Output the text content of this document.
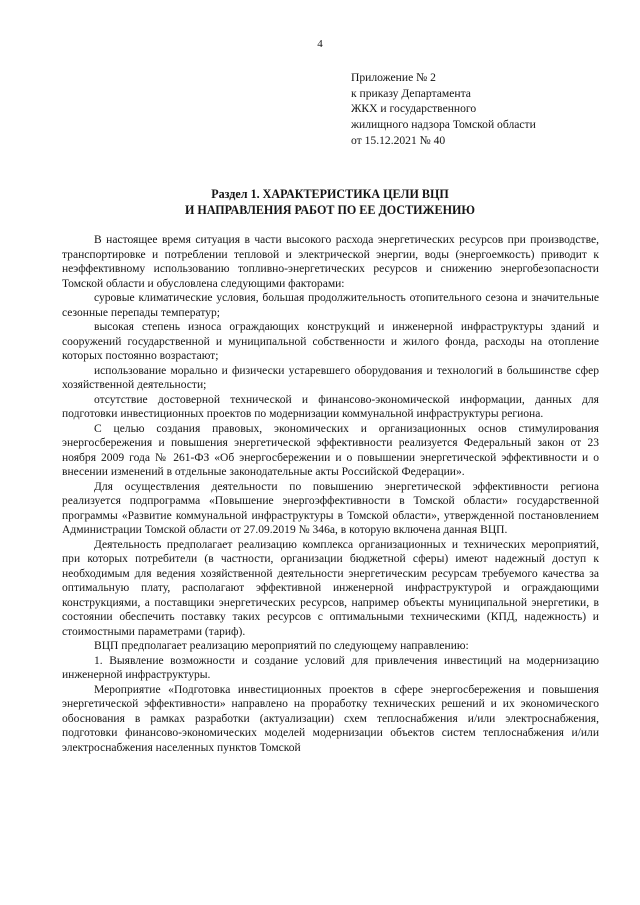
4
Приложение № 2
к приказу Департамента
ЖКХ и государственного
жилищного надзора Томской области
от 15.12.2021 № 40
Раздел 1. ХАРАКТЕРИСТИКА ЦЕЛИ ВЦП
И НАПРАВЛЕНИЯ РАБОТ ПО ЕЕ ДОСТИЖЕНИЮ

В настоящее время ситуация в части высокого расхода энергетических ресурсов при производстве, транспортировке и потреблении тепловой и электрической энергии, воды (энергоемкость) приводит к неэффективному использованию топливно-энергетических ресурсов и снижению энергобезопасности Томской области и обусловлена следующими факторами:

суровые климатические условия, большая продолжительность отопительного сезона и значительные сезонные перепады температур;

высокая степень износа ограждающих конструкций и инженерной инфраструктуры зданий и сооружений государственной и муниципальной собственности и жилого фонда, расходы на отопление которых постоянно возрастают;

использование морально и физически устаревшего оборудования и технологий в большинстве сфер хозяйственной деятельности;

отсутствие достоверной технической и финансово-экономической информации, данных для подготовки инвестиционных проектов по модернизации коммунальной инфраструктуры региона.

С целью создания правовых, экономических и организационных основ стимулирования энергосбережения и повышения энергетической эффективности реализуется Федеральный закон от 23 ноября 2009 года № 261-ФЗ «Об энергосбережении и о повышении энергетической эффективности и о внесении изменений в отдельные законодательные акты Российской Федерации».

Для осуществления деятельности по повышению энергетической эффективности региона реализуется подпрограмма «Повышение энергоэффективности в Томской области» государственной программы «Развитие коммунальной инфраструктуры в Томской области», утвержденной постановлением Администрации Томской области от 27.09.2019 № 346а, в которую включена данная ВЦП.

Деятельность предполагает реализацию комплекса организационных и технических мероприятий, при которых потребители (в частности, организации бюджетной сферы) имеют надежный доступ к необходимым для ведения хозяйственной деятельности энергетическим ресурсам требуемого качества за оптимальную плату, располагают эффективной инженерной инфраструктурой и ограждающими конструкциями, а поставщики энергетических ресурсов, например объекты муниципальной энергетики, в состоянии обеспечить поставку таких ресурсов с оптимальными техническими (КПД, надежность) и стоимостными параметрами (тариф).

ВЦП предполагает реализацию мероприятий по следующему направлению:

1. Выявление возможности и создание условий для привлечения инвестиций на модернизацию инженерной инфраструктуры.

Мероприятие «Подготовка инвестиционных проектов в сфере энергосбережения и повышения энергетической эффективности» направлено на проработку технических решений и их экономического обоснования в рамках разработки (актуализации) схем теплоснабжения и/или электроснабжения, подготовки финансово-экономических моделей модернизации объектов систем теплоснабжения и/или электроснабжения населенных пунктов Томской
